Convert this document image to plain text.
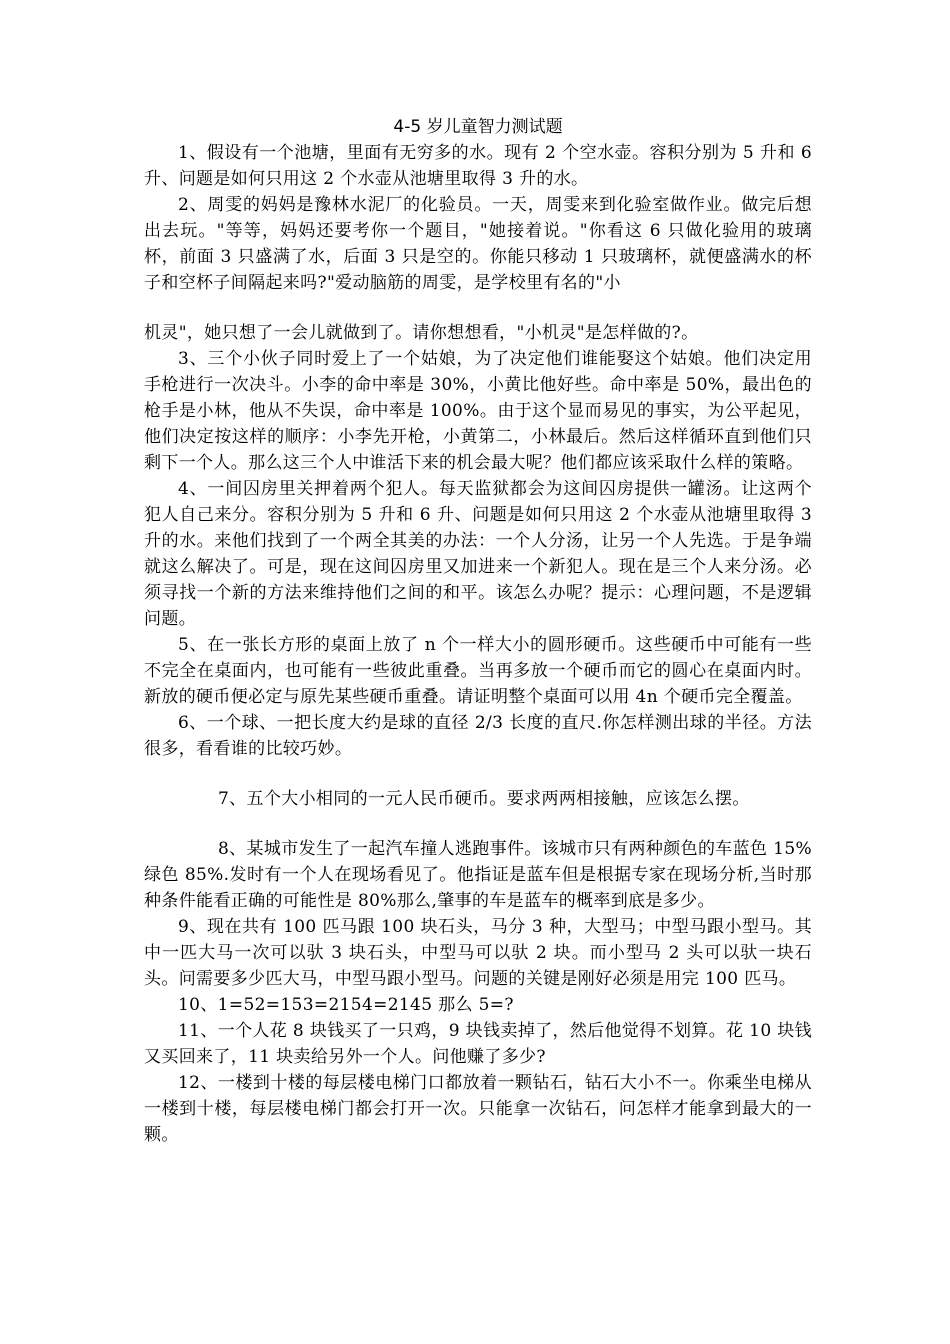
4-5 岁儿童智力测试题

1、假设有一个池塘，里面有无穷多的水。现有 2 个空水壶。容积分别为 5 升和 6 升、问题是如何只用这 2 个水壶从池塘里取得 3 升的水。

2、周雯的妈妈是豫林水泥厂的化验员。一天，周雯来到化验室做作业。做完后想出去玩。"等等，妈妈还要考你一个题目，"她接着说。"你看这 6 只做化验用的玻璃杯，前面 3 只盛满了水，后面 3 只是空的。你能只移动 1 只玻璃杯，就便盛满水的杯子和空杯子间隔起来吗?"爱动脑筋的周雯，是学校里有名的"小

机灵"，她只想了一会儿就做到了。请你想想看，"小机灵"是怎样做的?。

3、三个小伙子同时爱上了一个姑娘，为了决定他们谁能娶这个姑娘。他们决定用手枪进行一次决斗。小李的命中率是 30%，小黄比他好些。命中率是 50%，最出色的枪手是小林，他从不失误，命中率是 100%。由于这个显而易见的事实，为公平起见，他们决定按这样的顺序：小李先开枪，小黄第二，小林最后。然后这样循环直到他们只剩下一个人。那么这三个人中谁活下来的机会最大呢？他们都应该采取什么样的策略。

4、一间囚房里关押着两个犯人。每天监狱都会为这间囚房提供一罐汤。让这两个犯人自己来分。容积分别为 5 升和 6 升、问题是如何只用这 2 个水壶从池塘里取得 3 升的水。来他们找到了一个两全其美的办法：一个人分汤，让另一个人先选。于是争端就这么解决了。可是，现在这间囚房里又加进来一个新犯人。现在是三个人来分汤。必须寻找一个新的方法来维持他们之间的和平。该怎么办呢？提示：心理问题，不是逻辑问题。

5、在一张长方形的桌面上放了 n 个一样大小的圆形硬币。这些硬币中可能有一些不完全在桌面内，也可能有一些彼此重叠。当再多放一个硬币而它的圆心在桌面内时。新放的硬币便必定与原先某些硬币重叠。请证明整个桌面可以用 4n 个硬币完全覆盖。

6、一个球、一把长度大约是球的直径 2/3 长度的直尺.你怎样测出球的半径。方法很多，看看谁的比较巧妙。

7、五个大小相同的一元人民币硬币。要求两两相接触，应该怎么摆。

8、某城市发生了一起汽车撞人逃跑事件。该城市只有两种颜色的车蓝色 15%绿色 85%.发时有一个人在现场看见了。他指证是蓝车但是根据专家在现场分析,当时那种条件能看正确的可能性是 80%那么,肇事的车是蓝车的概率到底是多少。

9、现在共有 100 匹马跟 100 块石头，马分 3 种，大型马；中型马跟小型马。其中一匹大马一次可以驮 3 块石头，中型马可以驮 2 块。而小型马 2 头可以驮一块石头。问需要多少匹大马，中型马跟小型马。问题的关键是刚好必须是用完 100 匹马。

10、1=52=153=2154=2145 那么 5=?

11、一个人花 8 块钱买了一只鸡，9 块钱卖掉了，然后他觉得不划算。花 10 块钱又买回来了，11 块卖给另外一个人。问他赚了多少?

12、一楼到十楼的每层楼电梯门口都放着一颗钻石，钻石大小不一。你乘坐电梯从一楼到十楼，每层楼电梯门都会打开一次。只能拿一次钻石，问怎样才能拿到最大的一颗。
